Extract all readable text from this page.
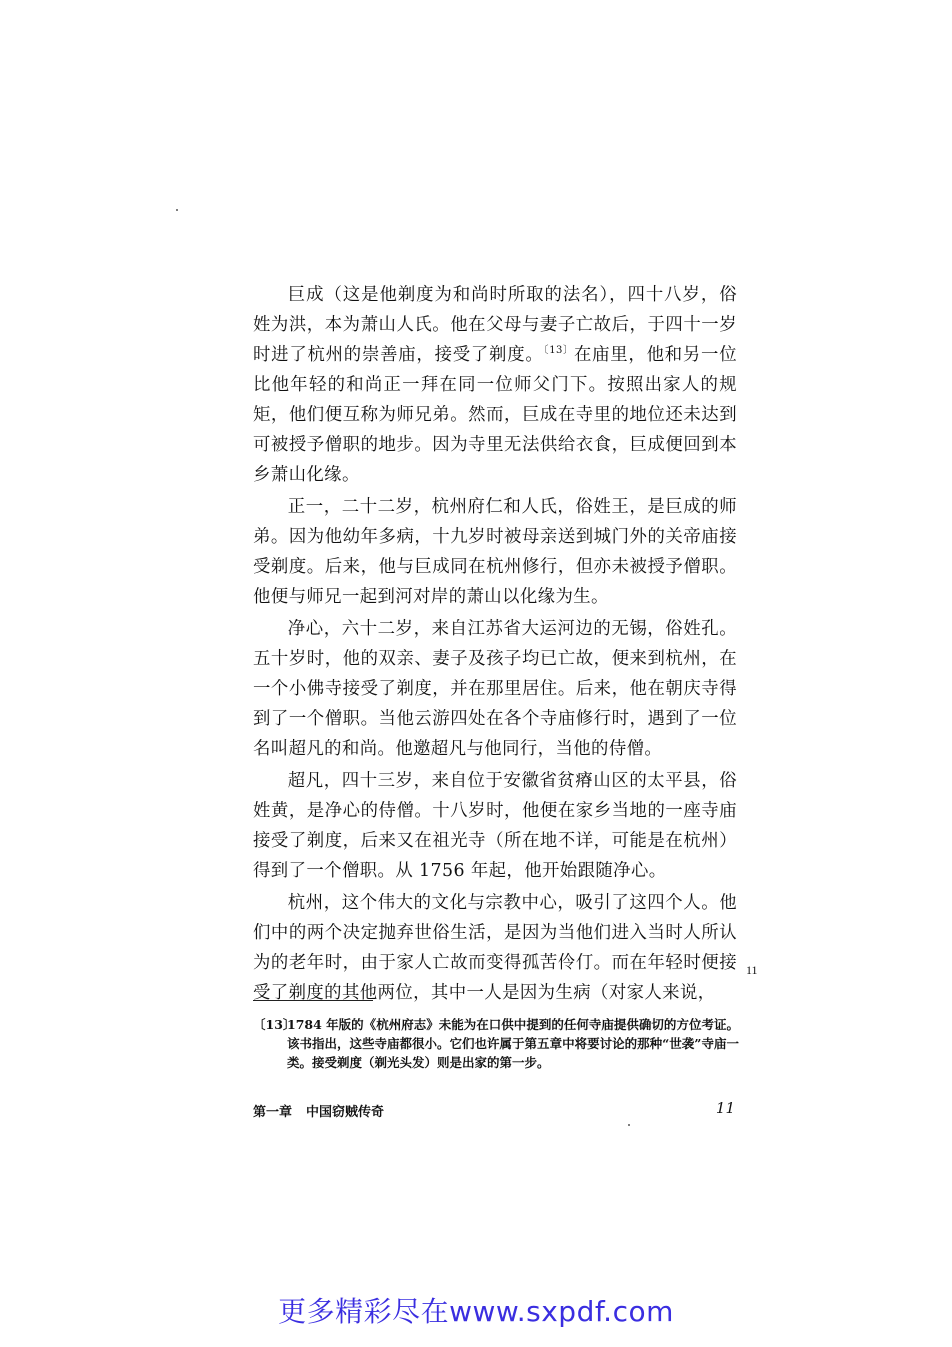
巨成（这是他剃度为和尚时所取的法名），四十八岁，俗姓为洪，本为萧山人氏。他在父母与妻子亡故后，于四十一岁时进了杭州的崇善庙，接受了剃度。$^{〔13〕}$在庙里，他和另一位比他年轻的和尚正一拜在同一位师父门下。按照出家人的规矩，他们便互称为师兄弟。然而，巨成在寺里的地位还未达到可被授予僧职的地步。因为寺里无法供给衣食，巨成便回到本乡萧山化缘。

正一，二十二岁，杭州府仁和人氏，俗姓王，是巨成的师弟。因为他幼年多病，十九岁时被母亲送到城门外的关帝庙接受剃度。后来，他与巨成同在杭州修行，但亦未被授予僧职。他便与师兄一起到河对岸的萧山以化缘为生。

净心，六十二岁，来自江苏省大运河边的无锡，俗姓孔。五十岁时，他的双亲、妻子及孩子均已亡故，便来到杭州，在一个小佛寺接受了剃度，并在那里居住。后来，他在朝庆寺得到了一个僧职。当他云游四处在各个寺庙修行时，遇到了一位名叫超凡的和尚。他邀超凡与他同行，当他的侍僧。

超凡，四十三岁，来自位于安徽省贫瘠山区的太平县，俗姓黄，是净心的侍僧。十八岁时，他便在家乡当地的一座寺庙接受了剃度，后来又在祖光寺（所在地不详，可能是在杭州）得到了一个僧职。从 1756 年起，他开始跟随净心。

杭州，这个伟大的文化与宗教中心，吸引了这四个人。他们中的两个决定抛弃世俗生活，是因为当他们进入当时人所认为的老年时，由于家人亡故而变得孤苦伶仃。而在年轻时便接受了剃度的其他两位，其中一人是因为生病（对家人来说，

11
〔13〕
1784 年版的《杭州府志》未能为在口供中提到的任何寺庙提供确切的方位考证。该书指出，这些寺庙都很小。它们也许属于第五章中将要讨论的那种“世袭”寺庙一类。接受剃度（剃光头发）则是出家的第一步。
第一章 中国窃贼传奇	11
更多精彩尽在www.sxpdf.com
